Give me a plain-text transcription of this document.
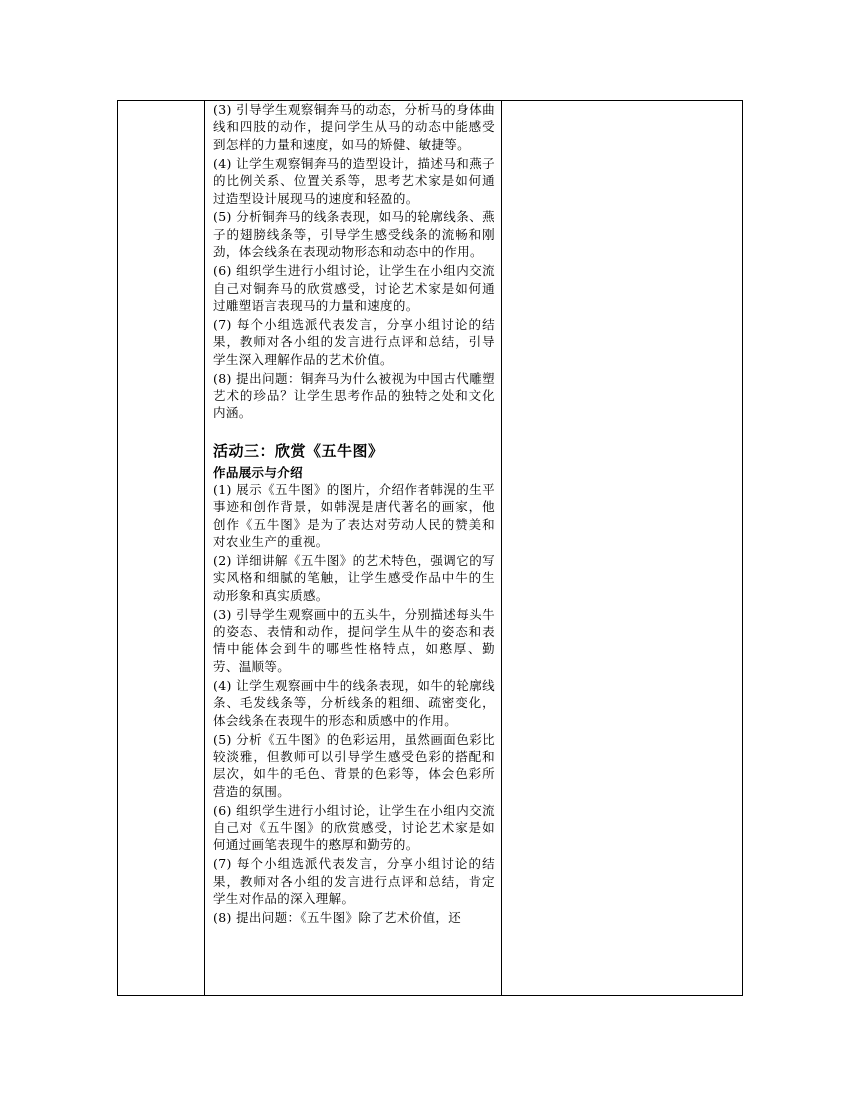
(3) 引导学生观察铜奔马的动态，分析马的身体曲线和四肢的动作，提问学生从马的动态中能感受到怎样的力量和速度，如马的矫健、敏捷等。

(4) 让学生观察铜奔马的造型设计，描述马和燕子的比例关系、位置关系等，思考艺术家是如何通过造型设计展现马的速度和轻盈的。

(5) 分析铜奔马的线条表现，如马的轮廓线条、燕子的翅膀线条等，引导学生感受线条的流畅和刚劲，体会线条在表现动物形态和动态中的作用。

(6) 组织学生进行小组讨论，让学生在小组内交流自己对铜奔马的欣赏感受，讨论艺术家是如何通过雕塑语言表现马的力量和速度的。

(7) 每个小组选派代表发言，分享小组讨论的结果，教师对各小组的发言进行点评和总结，引导学生深入理解作品的艺术价值。

(8) 提出问题：铜奔马为什么被视为中国古代雕塑艺术的珍品？让学生思考作品的独特之处和文化内涵。

活动三：欣赏《五牛图》
作品展示与介绍

(1) 展示《五牛图》的图片，介绍作者韩滉的生平事迹和创作背景，如韩滉是唐代著名的画家，他创作《五牛图》是为了表达对劳动人民的赞美和对农业生产的重视。

(2) 详细讲解《五牛图》的艺术特色，强调它的写实风格和细腻的笔触，让学生感受作品中牛的生动形象和真实质感。

(3) 引导学生观察画中的五头牛，分别描述每头牛的姿态、表情和动作，提问学生从牛的姿态和表情中能体会到牛的哪些性格特点，如憨厚、勤劳、温顺等。

(4) 让学生观察画中牛的线条表现，如牛的轮廓线条、毛发线条等，分析线条的粗细、疏密变化，体会线条在表现牛的形态和质感中的作用。

(5) 分析《五牛图》的色彩运用，虽然画面色彩比较淡雅，但教师可以引导学生感受色彩的搭配和层次，如牛的毛色、背景的色彩等，体会色彩所营造的氛围。

(6) 组织学生进行小组讨论，让学生在小组内交流自己对《五牛图》的欣赏感受，讨论艺术家是如何通过画笔表现牛的憨厚和勤劳的。

(7) 每个小组选派代表发言，分享小组讨论的结果，教师对各小组的发言进行点评和总结，肯定学生对作品的深入理解。

(8) 提出问题：《五牛图》除了艺术价值，还
